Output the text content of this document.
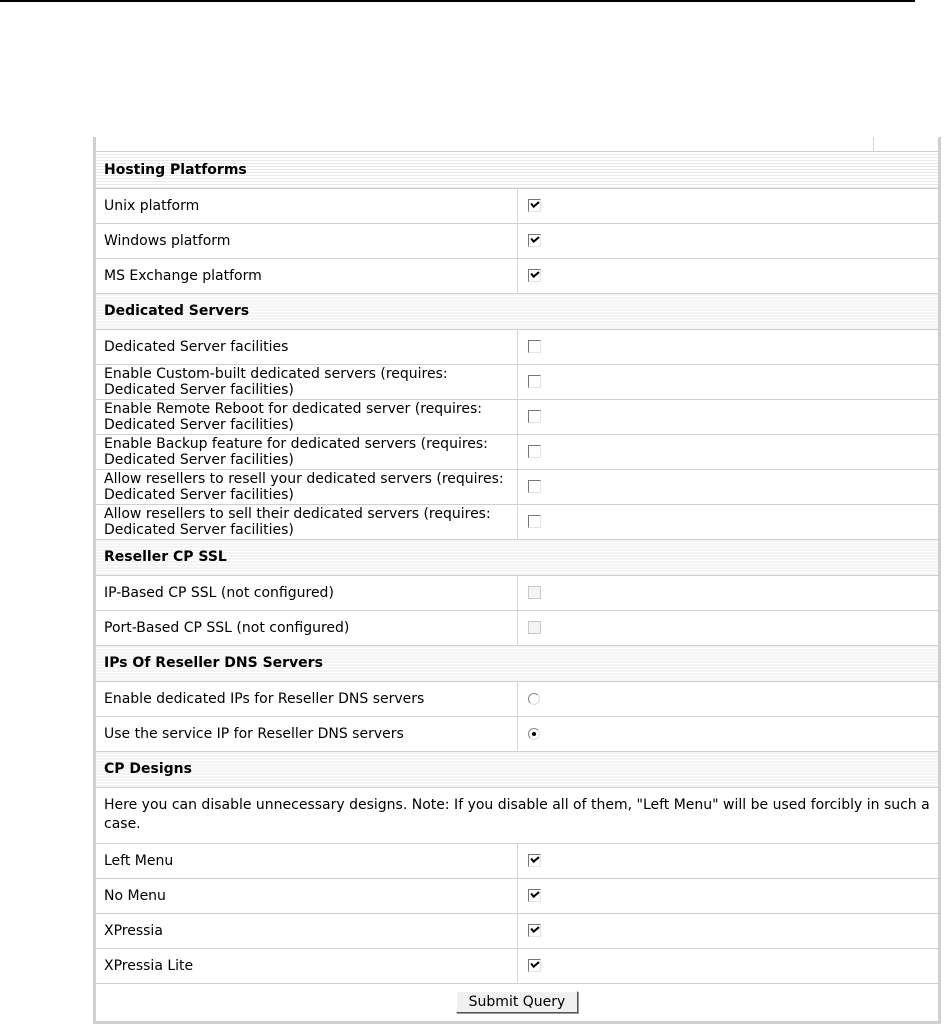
Hosting Platforms	
Unix platform	
Windows platform	
MS Exchange platform	
Dedicated Servers	
Dedicated Server facilities	
Enable Custom-built dedicated servers (requires: Dedicated Server facilities)	
Enable Remote Reboot for dedicated server (requires: Dedicated Server facilities)	
Enable Backup feature for dedicated servers (requires: Dedicated Server facilities)	
Allow resellers to resell your dedicated servers (requires: Dedicated Server facilities)	
Allow resellers to sell their dedicated servers (requires: Dedicated Server facilities)	
Reseller CP SSL	
IP-Based CP SSL (not configured)	
Port-Based CP SSL (not configured)	
IPs Of Reseller DNS Servers	
Enable dedicated IPs for Reseller DNS servers	
Use the service IP for Reseller DNS servers	
CP Designs	
Here you can disable unnecessary designs. Note: If you disable all of them, "Left Menu" will be used forcibly in such a case.	
Left Menu	
No Menu	
XPressia	
XPressia Lite	
Submit Query	
